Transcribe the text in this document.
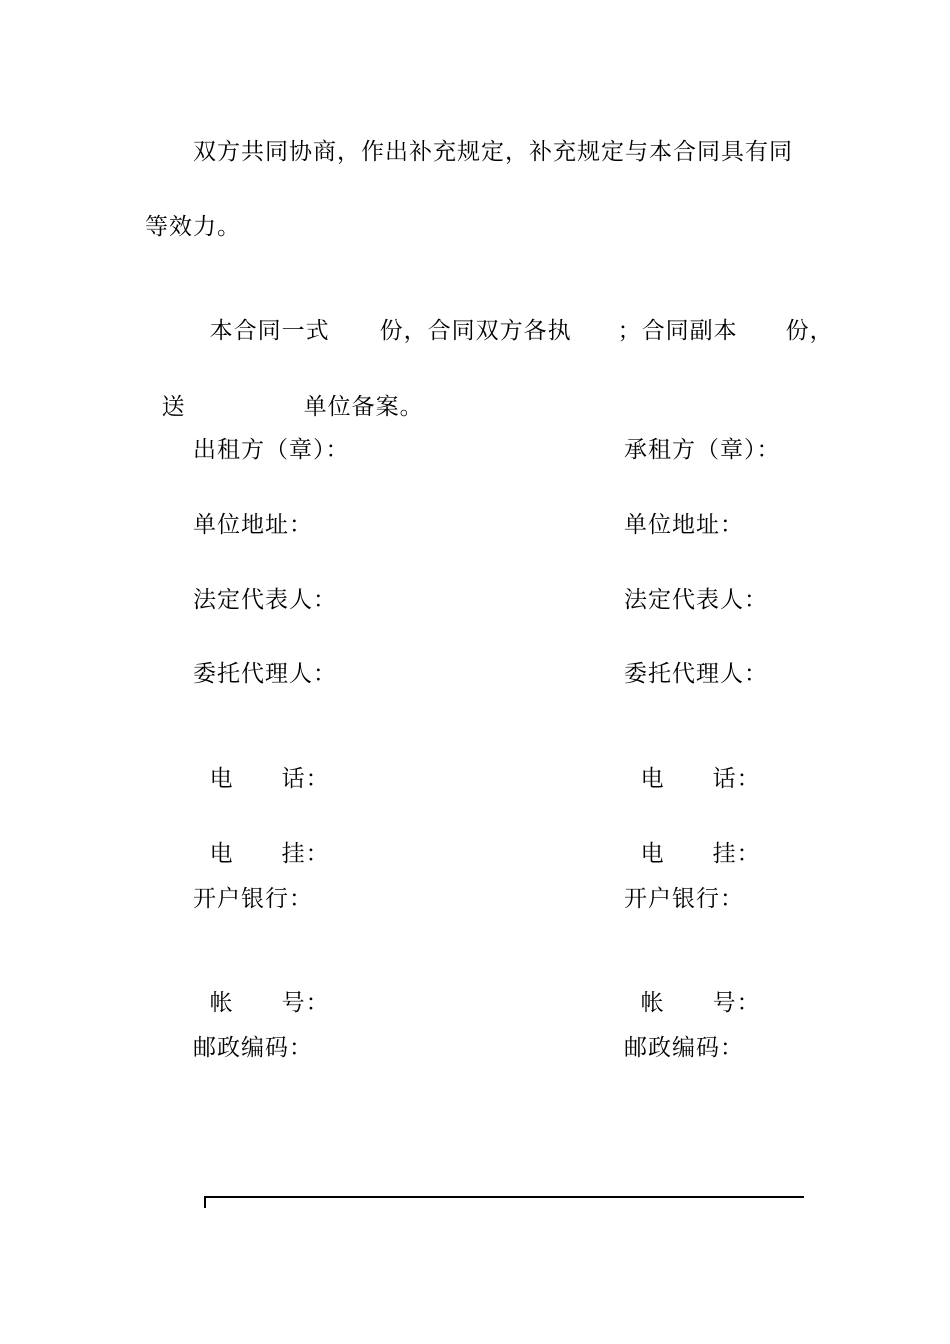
双方共同协商，作出补充规定，补充规定与本合同具有同
等效力。

本合同一式 份，合同双方各执 ；合同副本 份，

送	单位备案。

出租方（章）：
单位地址：
法定代表人：
委托代理人：

电 话：

电 挂：

开户银行：

帐 号：

邮政编码：
承租方（章）：
单位地址：
法定代表人：
委托代理人：

电 话：

电 挂：

开户银行：

帐 号：

邮政编码：
